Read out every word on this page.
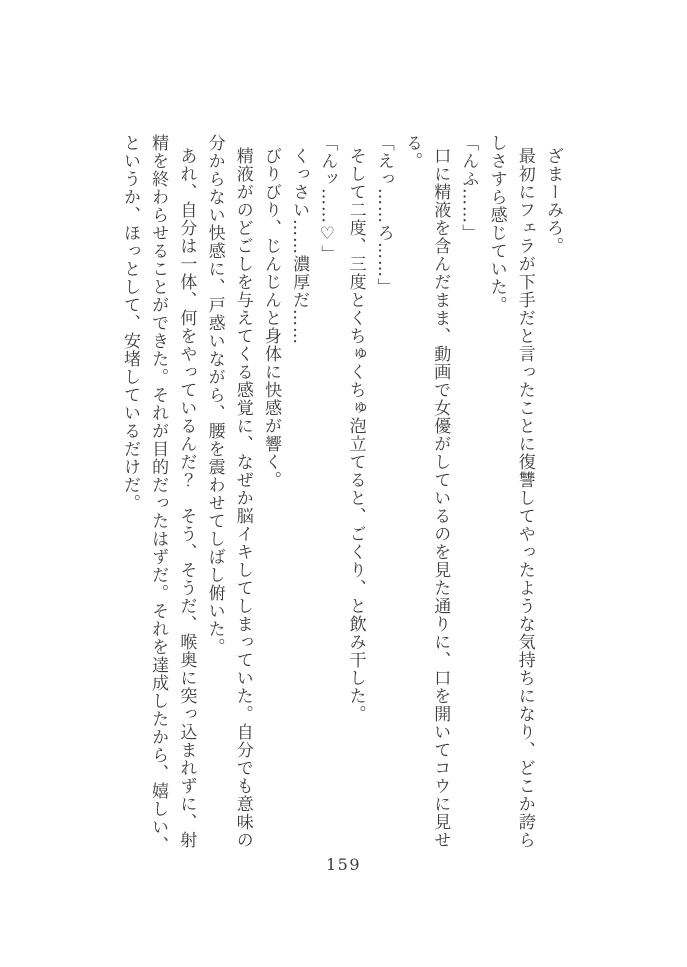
ざまーみろ。

最初にフェラが下手だと言ったことに復讐してやったような気持ちになり、どこか誇らしさすら感じていた。

「んふ……」

口に精液を含んだまま、動画で女優がしているのを見た通りに、口を開いてコウに見せる。

「えっ……ろ……」

そして二度、三度とくちゅくちゅ泡立てると、ごくり、と飲み干した。

「んッ……♡」

くっさい……濃厚だ……

びりびり、じんじんと身体に快感が響く。

精液がのどごしを与えてくる感覚に、なぜか脳イキしてしまっていた。自分でも意味の分からない快感に、戸惑いながら、腰を震わせてしばし俯いた。

あれ、自分は一体、何をやっているんだ？　そう、そうだ、喉奥に突っ込まれずに、射精を終わらせることができた。それが目的だったはずだ。それを達成したから、嬉しい、というか、ほっとして、安堵しているだけだ。

159
